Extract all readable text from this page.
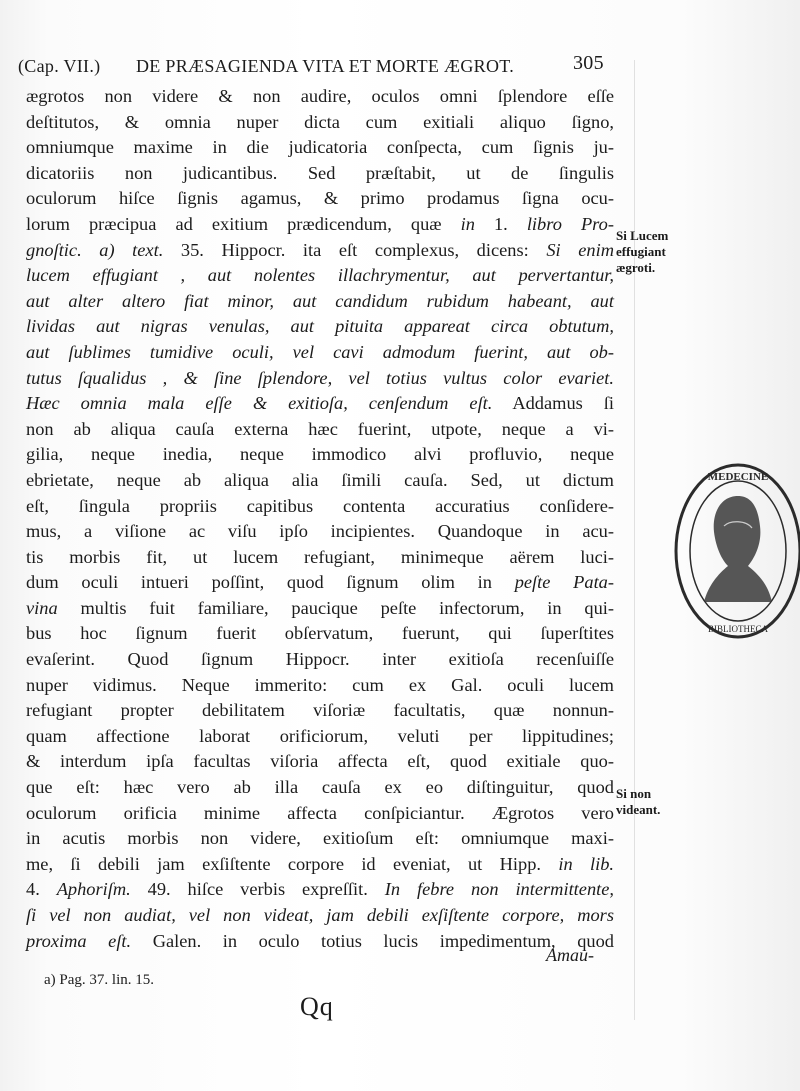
(Cap. VII.) DE PRÆSAGIENDA VITA ET MORTE ÆGROT.	305
ægrotos non videre & non audire, oculos omni ſplendore eſſe
deſtitutos, & omnia nuper dicta cum exitiali aliquo ſigno,
omniumque maxime in die judicatoria conſpecta, cum ſignis ju-
dicatoriis non judicantibus. Sed præſtabit, ut de ſingulis
oculorum hiſce ſignis agamus, & primo prodamus ſigna ocu-
lorum præcipua ad exitium prædicendum, quæ in 1. libro Pro-
gnoſtic. a) text. 35. Hippocr. ita eſt complexus, dicens: Si enim
lucem effugiant , aut nolentes illachrymentur, aut pervertantur,
aut alter altero fiat minor, aut candidum rubidum habeant, aut
lividas aut nigras venulas, aut pituita appareat circa obtutum,
aut ſublimes tumidive oculi, vel cavi admodum fuerint, aut ob-
tutus ſqualidus , & ſine ſplendore, vel totius vultus color evariet.
Hæc omnia mala eſſe & exitioſa, cenſendum eſt. Addamus ſi
non ab aliqua cauſa externa hæc fuerint, utpote, neque a vi-
gilia, neque inedia, neque immodico alvi profluvio, neque
ebrietate, neque ab aliqua alia ſimili cauſa. Sed, ut dictum
eſt, ſingula propriis capitibus contenta accuratius conſidere-
mus, a viſione ac viſu ipſo incipientes. Quandoque in acu-
tis morbis fit, ut lucem refugiant, minimeque aërem luci-
dum oculi intueri poſſint, quod ſignum olim in peſte Pata-
vina multis fuit familiare, paucique peſte infectorum, in qui-
bus hoc ſignum fuerit obſervatum, fuerunt, qui ſuperſtites
evaſerint. Quod ſignum Hippocr. inter exitioſa recenſuiſſe
nuper vidimus. Neque immerito: cum ex Gal. oculi lucem
refugiant propter debilitatem viſoriæ facultatis, quæ nonnun-
quam affectione laborat orificiorum, veluti per lippitudines;
& interdum ipſa facultas viſoria affecta eſt, quod exitiale quo-
que eſt: hæc vero ab illa cauſa ex eo diſtinguitur, quod
oculorum orificia minime affecta conſpiciantur. Ægrotos vero
in acutis morbis non videre, exitioſum eſt: omniumque maxi-
me, ſi debili jam exſiſtente corpore id eveniat, ut Hipp. in lib.
4. Aphoriſm. 49. hiſce verbis expreſſit. In febre non intermittente,
ſi vel non audiat, vel non videat, jam debili exſiſtente corpore, mors
proxima eſt. Galen. in oculo totius lucis impedimentum, quod
Si Lucem
effugiant
ægroti.
Si non
videant.
Amau-
a) Pag. 37. lin. 15.
Qq
MEDECINE
BIBLIOTHECA
